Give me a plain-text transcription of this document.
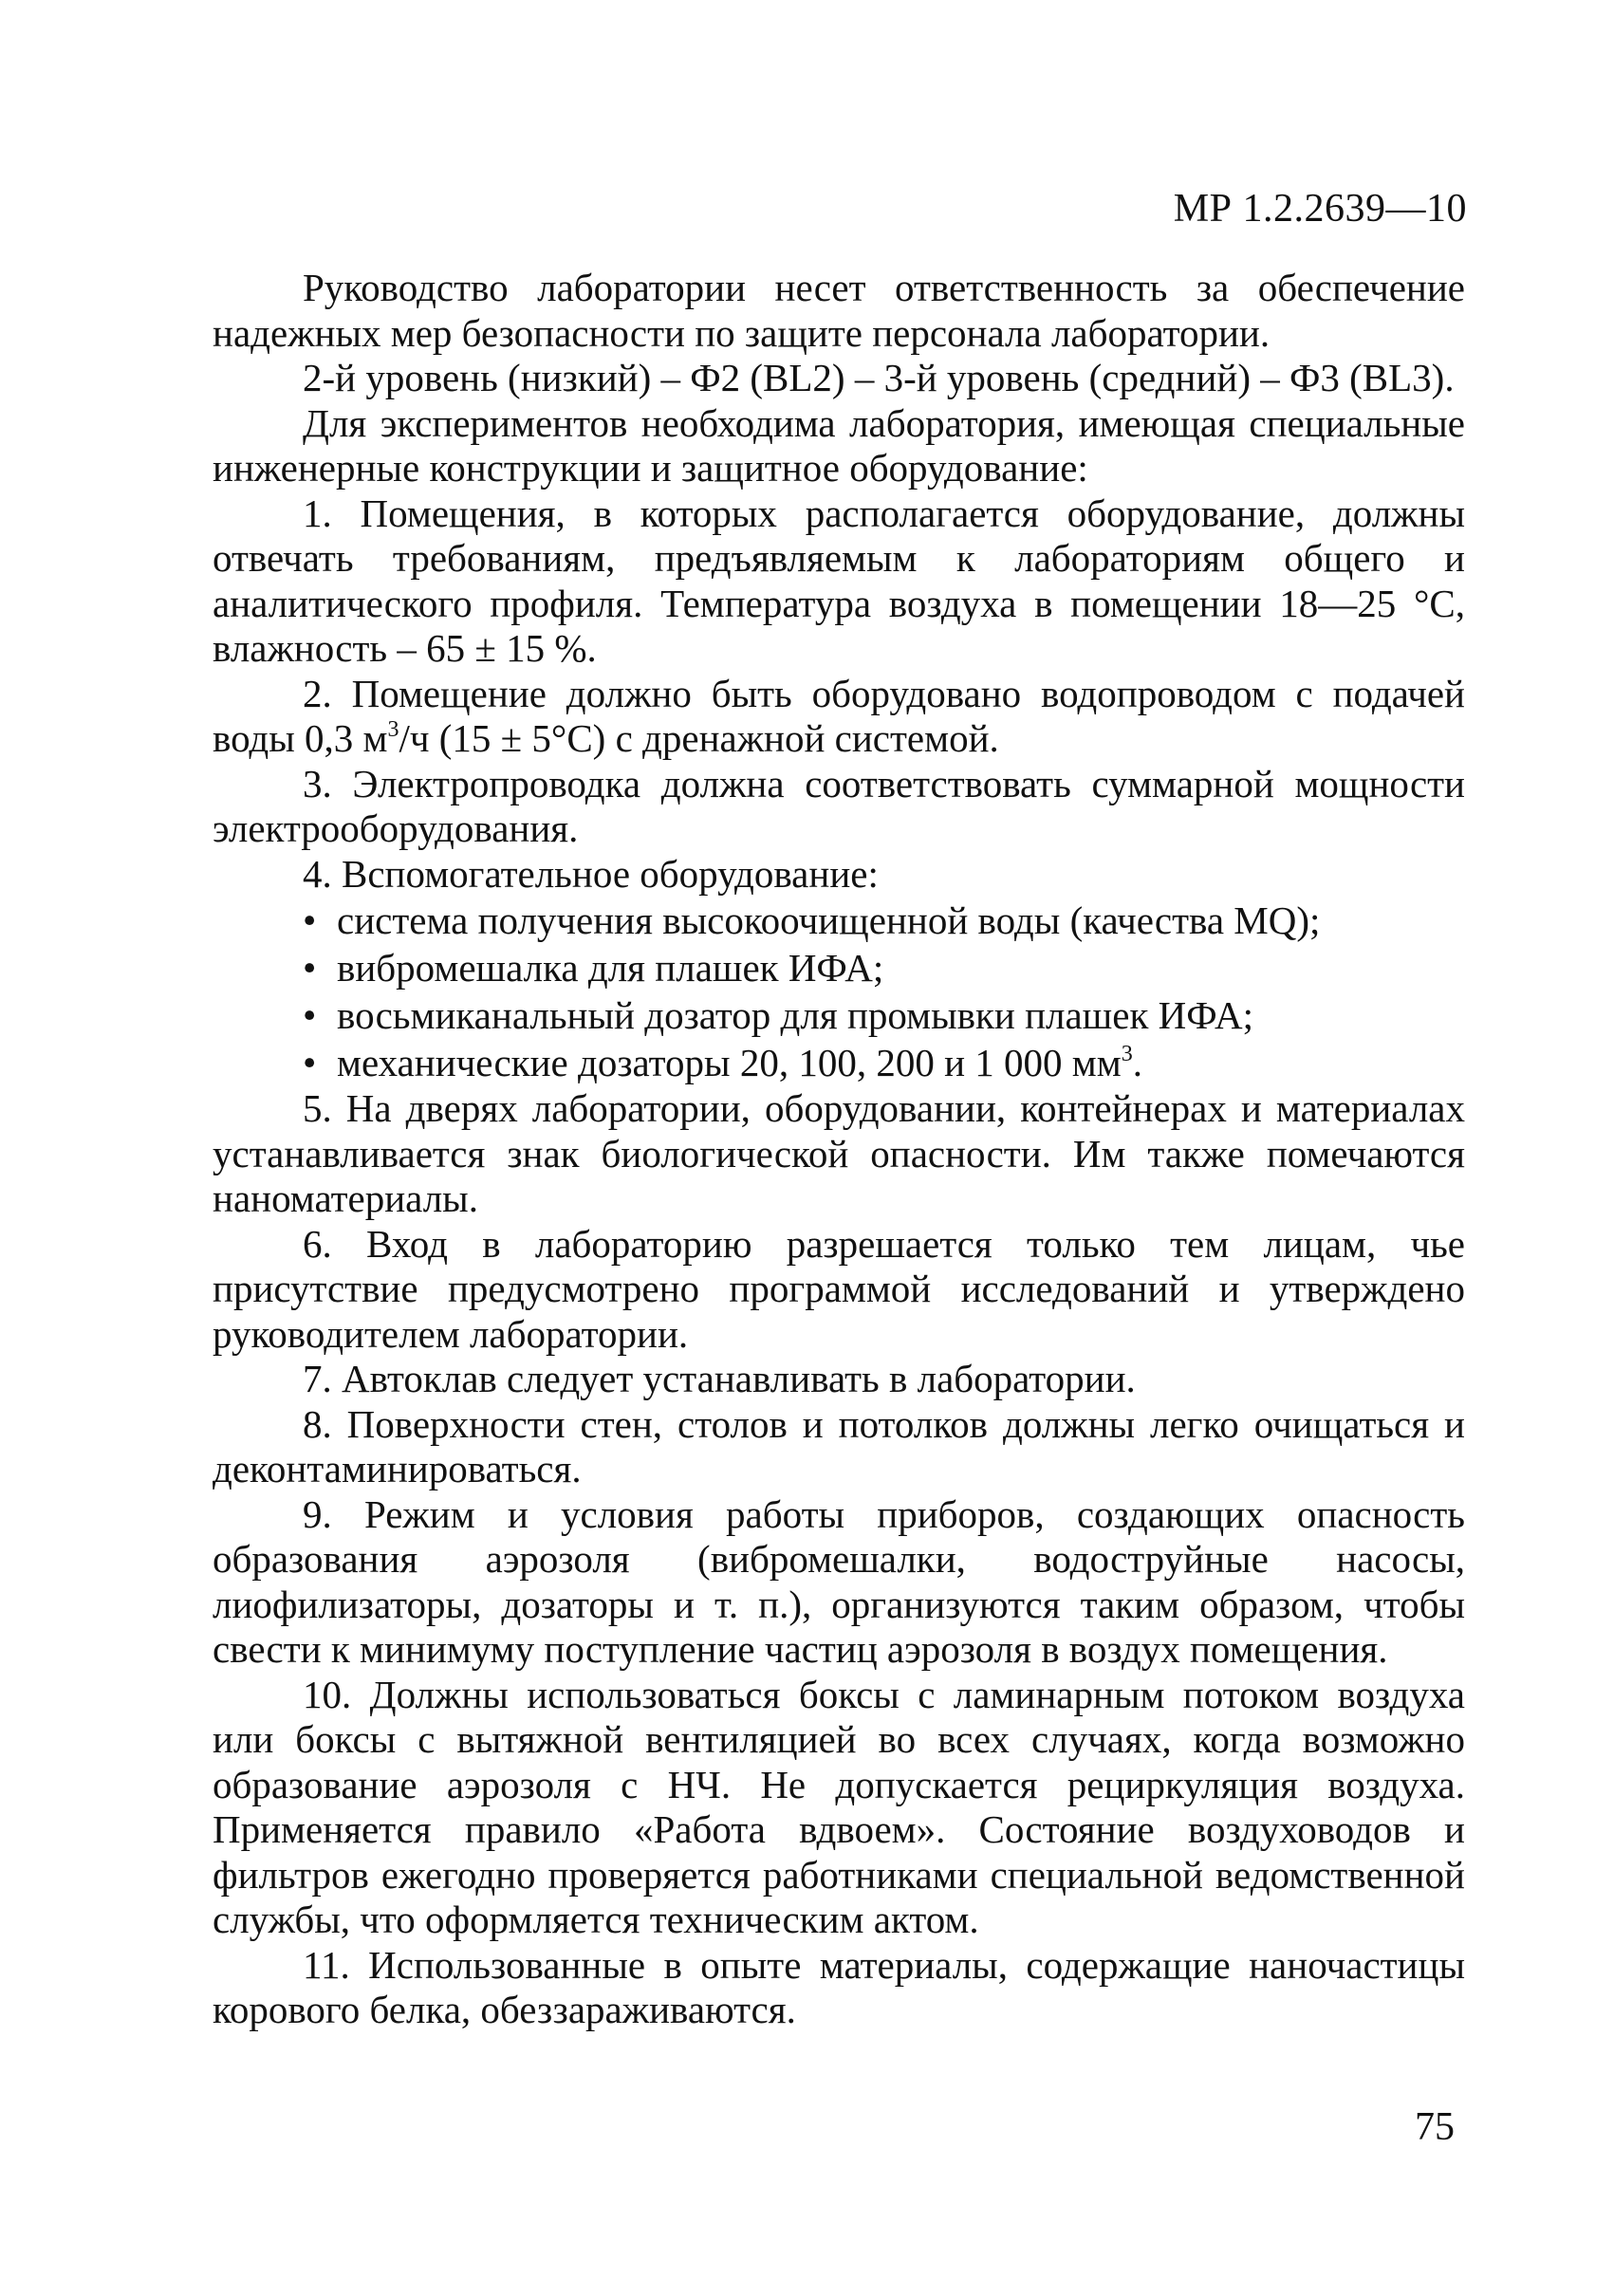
МР 1.2.2639—10

Руководство лаборатории несет ответственность за обеспечение надежных мер безопасности по защите персонала лаборатории.

2-й уровень (низкий) – Ф2 (BL2) – 3-й уровень (средний) – Ф3 (BL3).

Для экспериментов необходима лаборатория, имеющая специальные инженерные конструкции и защитное оборудование:

1. Помещения, в которых располагается оборудование, должны отвечать требованиям, предъявляемым к лабораториям общего и аналитического профиля. Температура воздуха в помещении 18—25 °С, влажность – 65 ± 15 %.

2. Помещение должно быть оборудовано водопроводом с подачей воды 0,3 $м^3/ч$ (15 ± 5°С) с дренажной системой.

3. Электропроводка должна соответствовать суммарной мощности электрооборудования.

4. Вспомогательное оборудование:

• система получения высокоочищенной воды (качества MQ);
• вибромешалка для плашек ИФА;
• восьмиканальный дозатор для промывки плашек ИФА;
• механические дозаторы 20, 100, 200 и 1 000 $мм^3$.

5. На дверях лаборатории, оборудовании, контейнерах и материалах устанавливается знак биологической опасности. Им также помечаются наноматериалы.

6. Вход в лабораторию разрешается только тем лицам, чье присутствие предусмотрено программой исследований и утверждено руководителем лаборатории.

7. Автоклав следует устанавливать в лаборатории.

8. Поверхности стен, столов и потолков должны легко очищаться и деконтаминироваться.

9. Режим и условия работы приборов, создающих опасность образования аэрозоля (вибромешалки, водоструйные насосы, лиофилизаторы, дозаторы и т. п.), организуются таким образом, чтобы свести к минимуму поступление частиц аэрозоля в воздух помещения.

10. Должны использоваться боксы с ламинарным потоком воздуха или боксы с вытяжной вентиляцией во всех случаях, когда возможно образование аэрозоля с НЧ. Не допускается рециркуляция воздуха. Применяется правило «Работа вдвоем». Состояние воздуховодов и фильтров ежегодно проверяется работниками специальной ведомственной службы, что оформляется техническим актом.

11. Использованные в опыте материалы, содержащие наночастицы корового белка, обеззараживаются.

75
